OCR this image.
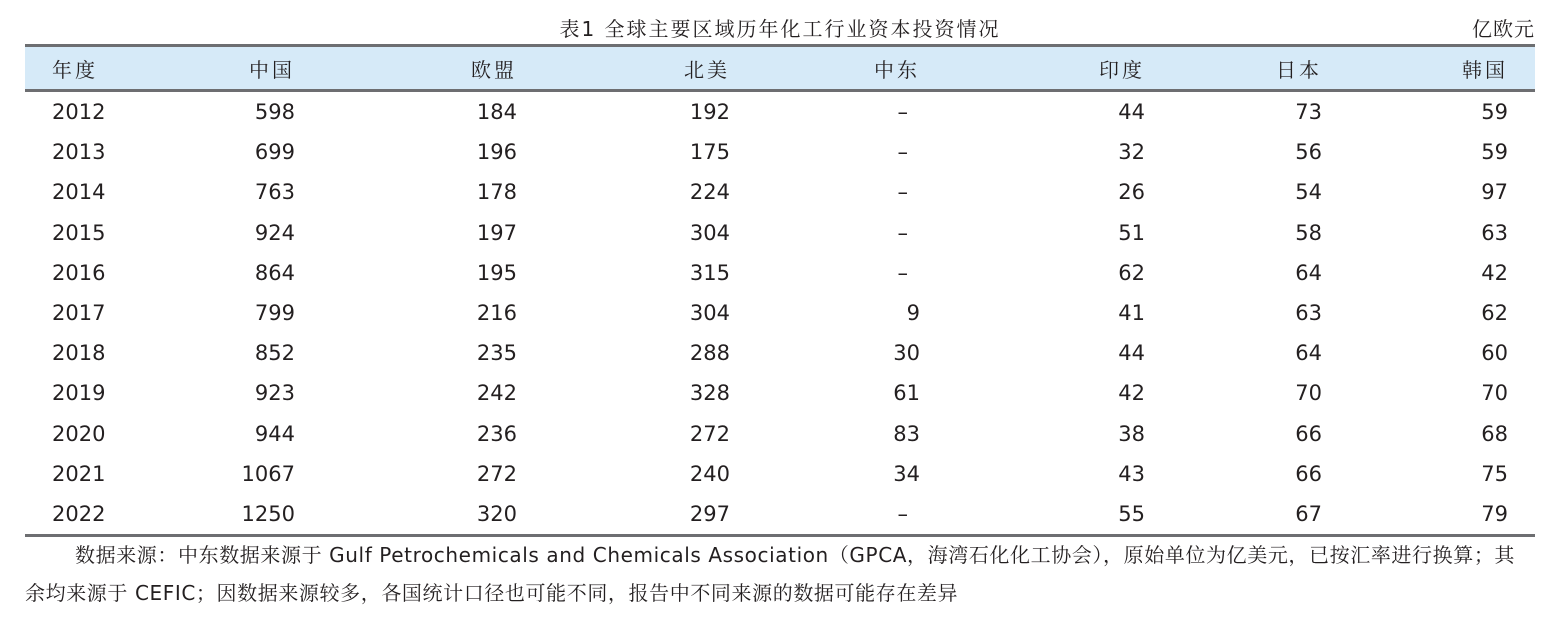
表1 全球主要区域历年化工行业资本投资情况	亿欧元
年度	中国	欧盟	北美	中东	印度	日本	韩国
2012	598	184	192	–	44	73	59
2013	699	196	175	–	32	56	59
2014	763	178	224	–	26	54	97
2015	924	197	304	–	51	58	63
2016	864	195	315	–	62	64	42
2017	799	216	304	9	41	63	62
2018	852	235	288	30	44	64	60
2019	923	242	328	61	42	70	70
2020	944	236	272	83	38	66	68
2021	1067	272	240	34	43	66	75
2022	1250	320	297	–	55	67	79
数据来源：中东数据来源于 Gulf Petrochemicals and Chemicals Association（GPCA，海湾石化化工协会），原始单位为亿美元，已按汇率进行换算；其余均来源于 CEFIC；因数据来源较多，各国统计口径也可能不同，报告中不同来源的数据可能存在差异
